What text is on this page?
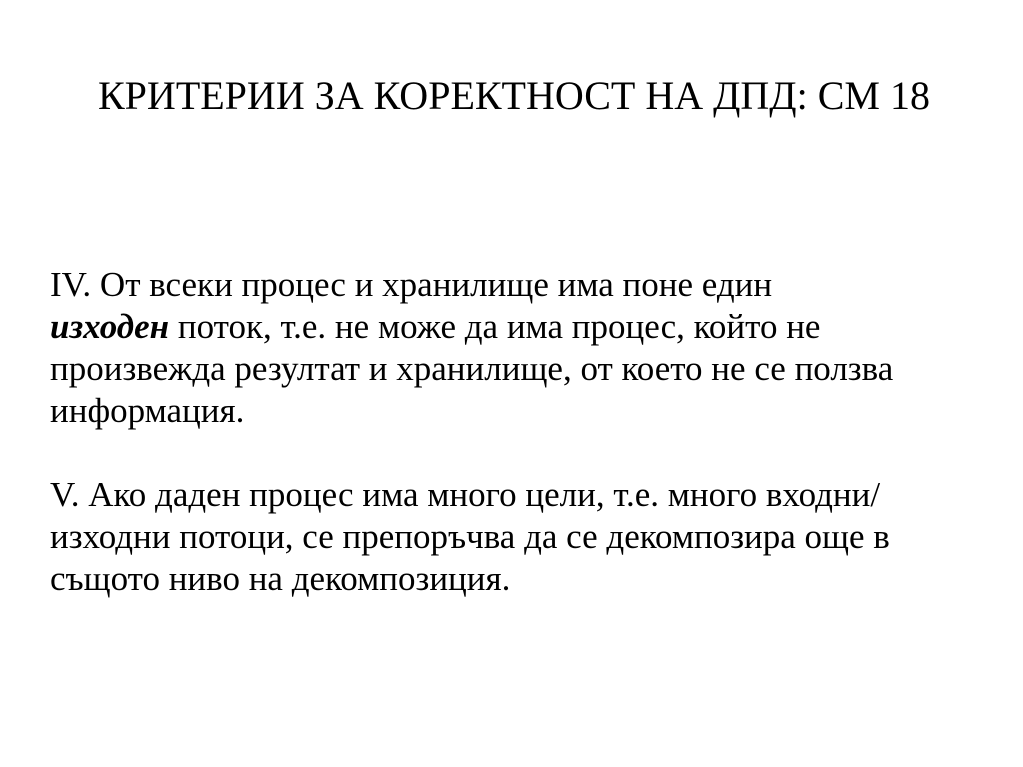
КРИТЕРИИ ЗА КОРЕКТНОСТ НА ДПД: СМ 18

IV. От всеки процес и хранилище има поне един
изходен поток, т.е. не може да има процес, който не произвежда резултат и хранилище, от което не се ползва информация.

V. Ако даден процес има много цели, т.е. много входни/изходни потоци, се препоръчва да се декомпозира още в същото ниво на декомпозиция.
